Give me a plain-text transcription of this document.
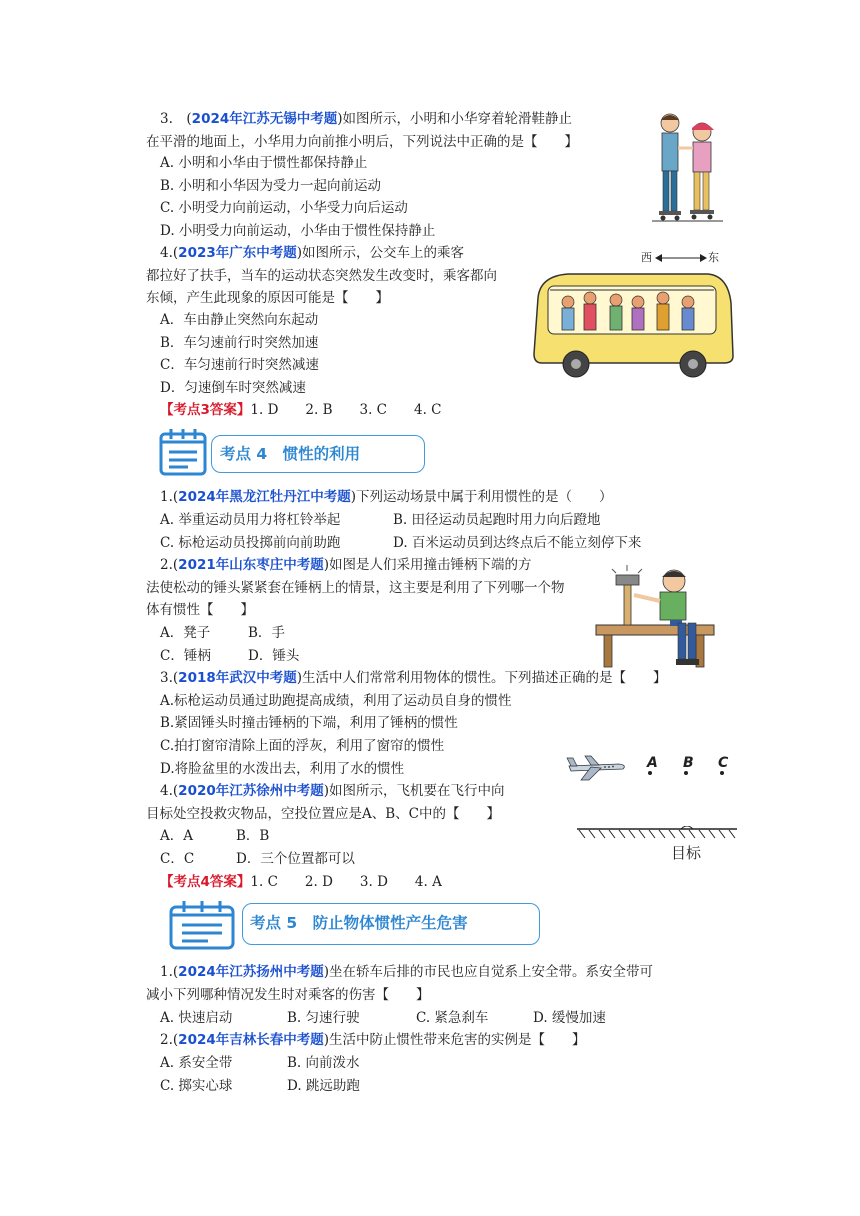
3.　(2024年江苏无锡中考题)如图所示，小明和小华穿着轮滑鞋静止
在平滑的地面上，小华用力向前推小明后，下列说法中正确的是【　　】
A. 小明和小华由于惯性都保持静止
B. 小明和小华因为受力一起向前运动
C. 小明受力向前运动，小华受力向后运动
D. 小明受力向前运动，小华由于惯性保持静止
4.(2023年广东中考题)如图所示，公交车上的乘客
都拉好了扶手，当车的运动状态突然发生改变时，乘客都向
东倾，产生此现象的原因可能是【　　】
A．车由静止突然向东起动
B．车匀速前行时突然加速
C．车匀速前行时突然减速
D．匀速倒车时突然减速
西	东
【考点3答案】1. D　　2. B　　3. C　　4. C
考点 4　惯性的利用
1.(2024年黑龙江牡丹江中考题)下列运动场景中属于利用惯性的是（　　）
A. 举重运动员用力将杠铃举起	B. 田径运动员起跑时用力向后蹬地
C. 标枪运动员投掷前向前助跑	D. 百米运动员到达终点后不能立刻停下来
2.(2021年山东枣庄中考题)如图是人们采用撞击锤柄下端的方
法使松动的锤头紧紧套在锤柄上的情景，这主要是利用了下列哪一个物
体有惯性【　　】
A．凳子	B．手
C．锤柄	D．锤头
3.(2018年武汉中考题)生活中人们常常利用物体的惯性。下列描述正确的是【　　】
A.标枪运动员通过助跑提高成绩，利用了运动员自身的惯性
B.紧固锤头时撞击锤柄的下端，利用了锤柄的惯性
C.拍打窗帘清除上面的浮灰，利用了窗帘的惯性
D.将脸盆里的水泼出去，利用了水的惯性
4.(2020年江苏徐州中考题)如图所示，飞机要在飞行中向
目标处空投救灾物品，空投位置应是A、B、C中的【　　】
A．A	B．B
C．C	D．三个位置都可以
A B C
目标
【考点4答案】1. C　　2. D　　3. D　　4. A
考点 5　防止物体惯性产生危害
1.(2024年江苏扬州中考题)坐在轿车后排的市民也应自觉系上安全带。系安全带可
减小下列哪种情况发生时对乘客的伤害【　　】
A. 快速启动	B. 匀速行驶	C. 紧急刹车	D. 缓慢加速
2.(2024年吉林长春中考题)生活中防止惯性带来危害的实例是【　　】
A. 系安全带	B. 向前泼水
C. 掷实心球	D. 跳远助跑
